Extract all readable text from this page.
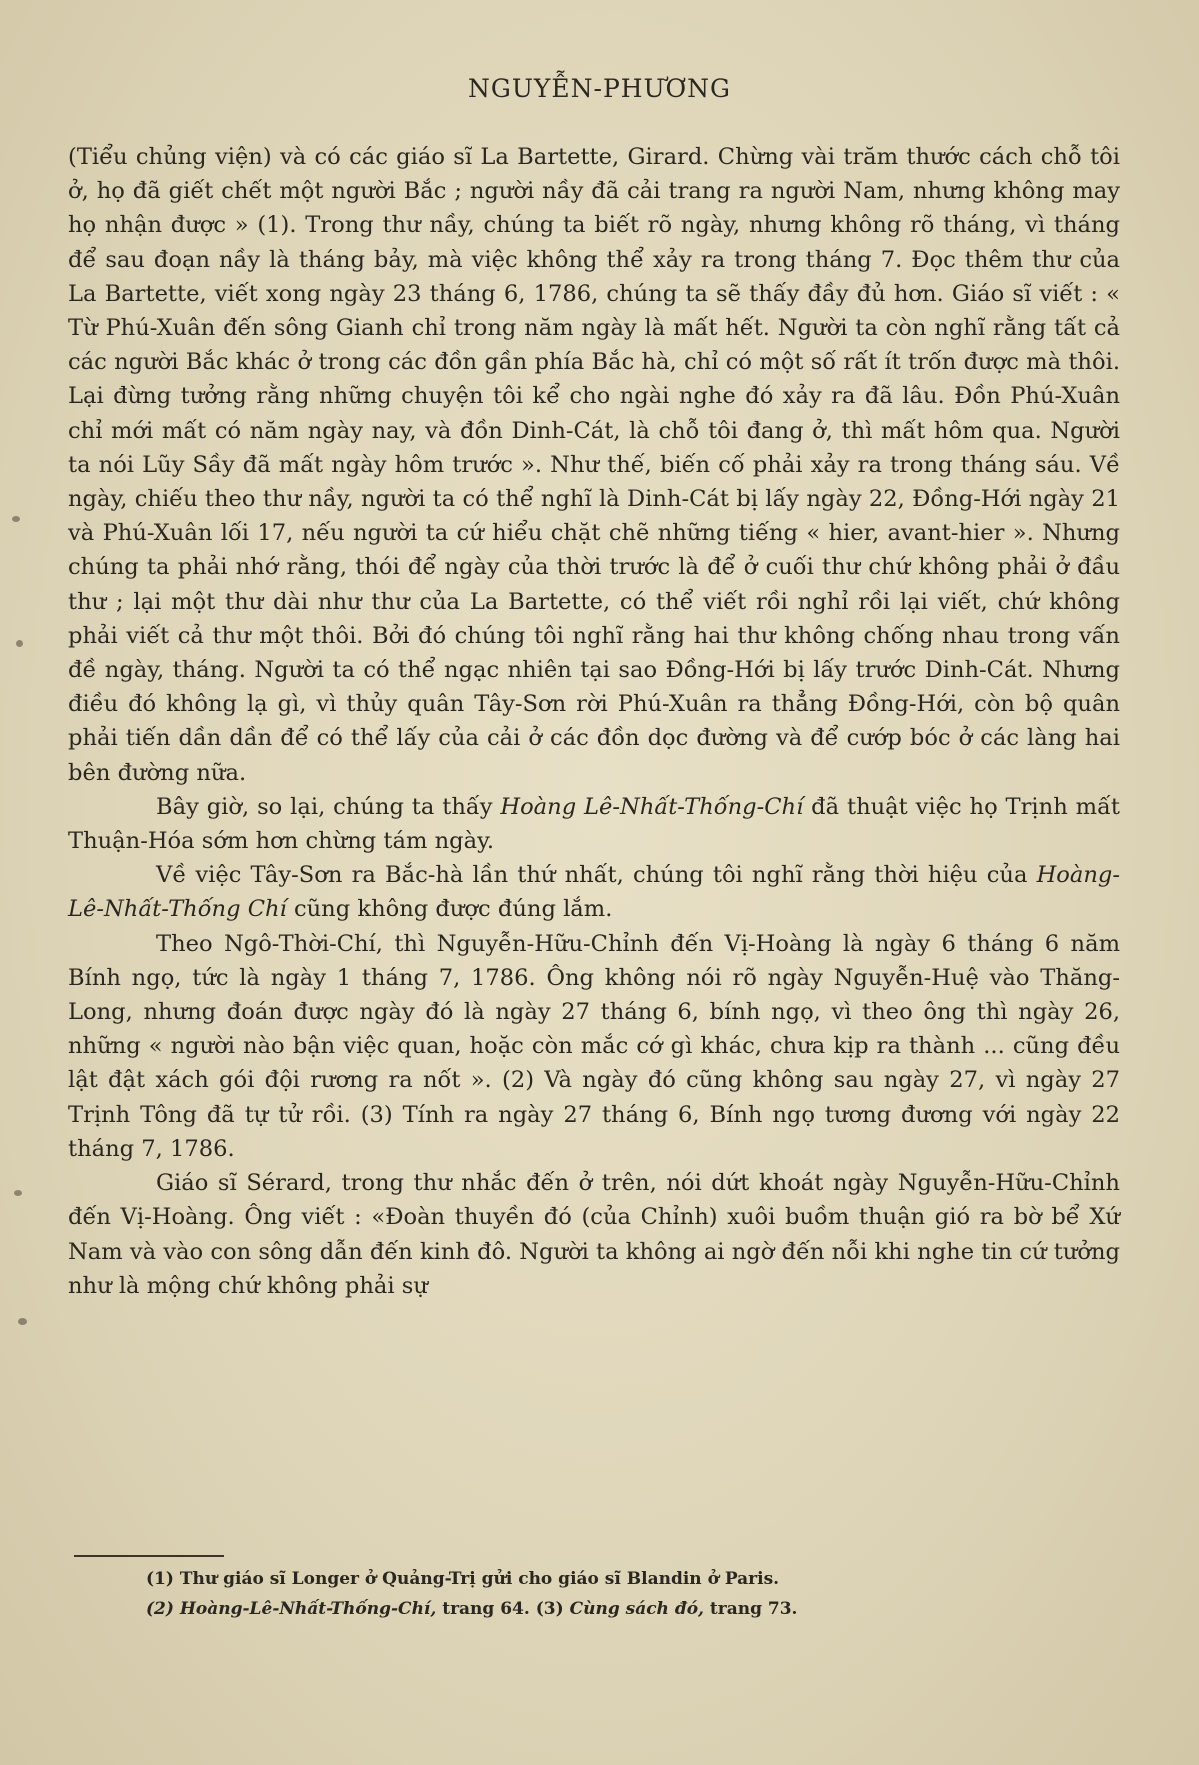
NGUYỄN-PHƯƠNG

(Tiểu chủng viện) và có các giáo sĩ La Bartette, Girard. Chừng vài trăm thước cách chỗ tôi ở, họ đã giết chết một người Bắc ; người nầy đã cải trang ra người Nam, nhưng không may họ nhận được » (1). Trong thư nầy, chúng ta biết rõ ngày, nhưng không rõ tháng, vì tháng để sau đoạn nầy là tháng bảy, mà việc không thể xảy ra trong tháng 7. Đọc thêm thư của La Bartette, viết xong ngày 23 tháng 6, 1786, chúng ta sẽ thấy đầy đủ hơn. Giáo sĩ viết : « Từ Phú-Xuân đến sông Gianh chỉ trong năm ngày là mất hết. Người ta còn nghĩ rằng tất cả các người Bắc khác ở trong các đồn gần phía Bắc hà, chỉ có một số rất ít trốn được mà thôi. Lại đừng tưởng rằng những chuyện tôi kể cho ngài nghe đó xảy ra đã lâu. Đồn Phú-Xuân chỉ mới mất có năm ngày nay, và đồn Dinh-Cát, là chỗ tôi đang ở, thì mất hôm qua. Người ta nói Lũy Sầy đã mất ngày hôm trước ». Như thế, biến cố phải xảy ra trong tháng sáu. Về ngày, chiếu theo thư nầy, người ta có thể nghĩ là Dinh-Cát bị lấy ngày 22, Đồng-Hới ngày 21 và Phú-Xuân lối 17, nếu người ta cứ hiểu chặt chẽ những tiếng « hier, avant-hier ». Nhưng chúng ta phải nhớ rằng, thói để ngày của thời trước là để ở cuối thư chứ không phải ở đầu thư ; lại một thư dài như thư của La Bartette, có thể viết rồi nghỉ rồi lại viết, chứ không phải viết cả thư một thôi. Bởi đó chúng tôi nghĩ rằng hai thư không chống nhau trong vấn đề ngày, tháng. Người ta có thể ngạc nhiên tại sao Đồng-Hới bị lấy trước Dinh-Cát. Nhưng điều đó không lạ gì, vì thủy quân Tây-Sơn rời Phú-Xuân ra thẳng Đồng-Hới, còn bộ quân phải tiến dần dần để có thể lấy của cải ở các đồn dọc đường và để cướp bóc ở các làng hai bên đường nữa.

Bây giờ, so lại, chúng ta thấy Hoàng Lê-Nhất-Thống-Chí đã thuật việc họ Trịnh mất Thuận-Hóa sớm hơn chừng tám ngày.

Về việc Tây-Sơn ra Bắc-hà lần thứ nhất, chúng tôi nghĩ rằng thời hiệu của Hoàng-Lê-Nhất-Thống Chí cũng không được đúng lắm.

Theo Ngô-Thời-Chí, thì Nguyễn-Hữu-Chỉnh đến Vị-Hoàng là ngày 6 tháng 6 năm Bính ngọ, tức là ngày 1 tháng 7, 1786. Ông không nói rõ ngày Nguyễn-Huệ vào Thăng-Long, nhưng đoán được ngày đó là ngày 27 tháng 6, bính ngọ, vì theo ông thì ngày 26, những « người nào bận việc quan, hoặc còn mắc cớ gì khác, chưa kịp ra thành ... cũng đều lật đật xách gói đội rương ra nốt ». (2) Và ngày đó cũng không sau ngày 27, vì ngày 27 Trịnh Tông đã tự tử rồi. (3) Tính ra ngày 27 tháng 6, Bính ngọ tương đương với ngày 22 tháng 7, 1786.

Giáo sĩ Sérard, trong thư nhắc đến ở trên, nói dứt khoát ngày Nguyễn-Hữu-Chỉnh đến Vị-Hoàng. Ông viết : «Đoàn thuyền đó (của Chỉnh) xuôi buồm thuận gió ra bờ bể Xứ Nam và vào con sông dẫn đến kinh đô. Người ta không ai ngờ đến nỗi khi nghe tin cứ tưởng như là mộng chứ không phải sự

(1) Thư giáo sĩ Longer ở Quảng-Trị gửi cho giáo sĩ Blandin ở Paris.
(2) Hoàng-Lê-Nhất-Thống-Chí, trang 64. (3) Cùng sách đó, trang 73.
